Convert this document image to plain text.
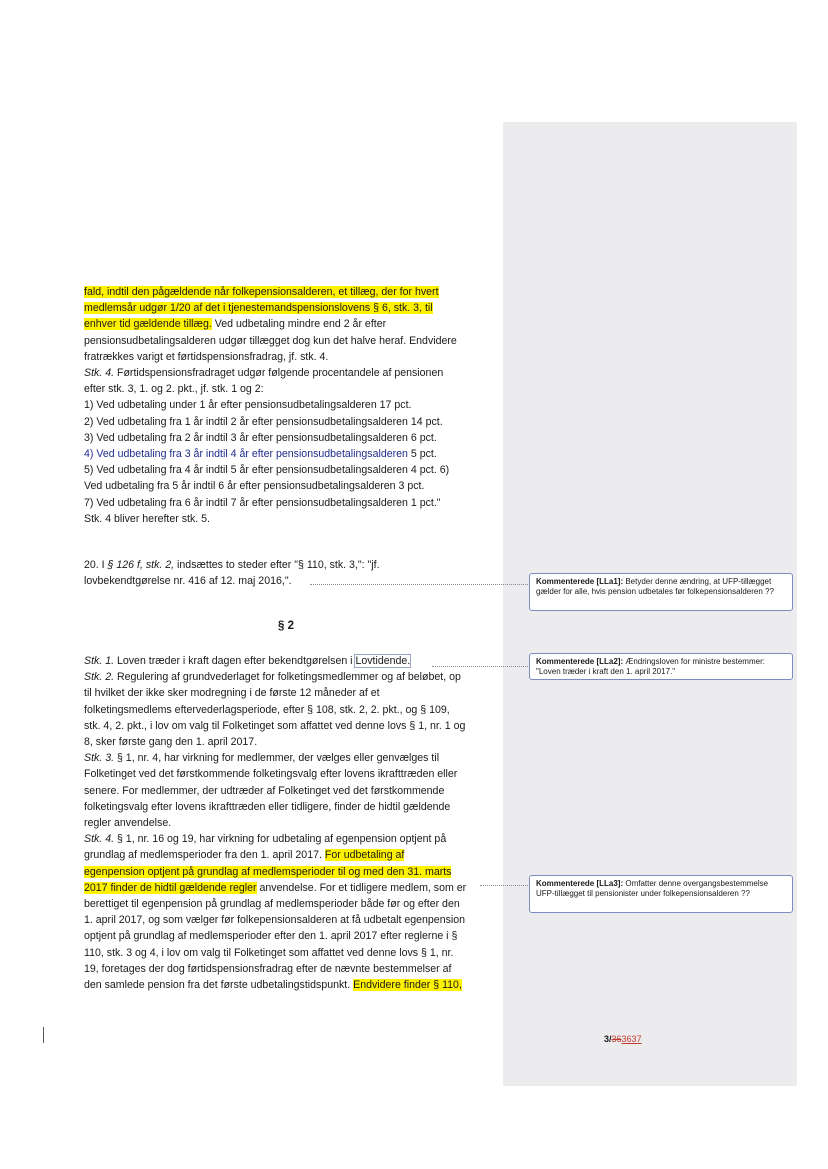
fald, indtil den pågældende når folkepensionsalderen, et tillæg, der for hvert
medlemsår udgør 1/20 af det i tjenestemandspensionslovens § 6, stk. 3, til
enhver tid gældende tillæg. Ved udbetaling mindre end 2 år efter
pensionsudbetalingsalderen udgør tillægget dog kun det halve heraf. Endvidere
fratrækkes varigt et førtidspensionsfradrag, jf. stk. 4.
Stk. 4. Førtidspensionsfradraget udgør følgende procentandele af pensionen
efter stk. 3, 1. og 2. pkt., jf. stk. 1 og 2:
1) Ved udbetaling under 1 år efter pensionsudbetalingsalderen 17 pct.
2) Ved udbetaling fra 1 år indtil 2 år efter pensionsudbetalingsalderen 14 pct.
3) Ved udbetaling fra 2 år indtil 3 år efter pensionsudbetalingsalderen 6 pct.
4) Ved udbetaling fra 3 år indtil 4 år efter pensionsudbetalingsalderen 5 pct.
5) Ved udbetaling fra 4 år indtil 5 år efter pensionsudbetalingsalderen 4 pct. 6)
Ved udbetaling fra 5 år indtil 6 år efter pensionsudbetalingsalderen 3 pct.
7) Ved udbetaling fra 6 år indtil 7 år efter pensionsudbetalingsalderen 1 pct."
Stk. 4 bliver herefter stk. 5.
20. I § 126 f, stk. 2, indsættes to steder efter "§ 110, stk. 3,": "jf.
lovbekendtgørelse nr. 416 af 12. maj 2016,".
§ 2
Stk. 1. Loven træder i kraft dagen efter bekendtgørelsen i Lovtidende.
Stk. 2. Regulering af grundvederlaget for folketingsmedlemmer og af beløbet, op
til hvilket der ikke sker modregning i de første 12 måneder af et
folketingsmedlems eftervederlagsperiode, efter § 108, stk. 2, 2. pkt., og § 109,
stk. 4, 2. pkt., i lov om valg til Folketinget som affattet ved denne lovs § 1, nr. 1 og
8, sker første gang den 1. april 2017.
Stk. 3. § 1, nr. 4, har virkning for medlemmer, der vælges eller genvælges til
Folketinget ved det førstkommende folketingsvalg efter lovens ikrafttræden eller
senere. For medlemmer, der udtræder af Folketinget ved det førstkommende
folketingsvalg efter lovens ikrafttræden eller tidligere, finder de hidtil gældende
regler anvendelse.
Stk. 4. § 1, nr. 16 og 19, har virkning for udbetaling af egenpension optjent på
grundlag af medlemsperioder fra den 1. april 2017. For udbetaling af
egenpension optjent på grundlag af medlemsperioder til og med den 31. marts
2017 finder de hidtil gældende regler anvendelse. For et tidligere medlem, som er
berettiget til egenpension på grundlag af medlemsperioder både før og efter den
1. april 2017, og som vælger før folkepensionsalderen at få udbetalt egenpension
optjent på grundlag af medlemsperioder efter den 1. april 2017 efter reglerne i §
110, stk. 3 og 4, i lov om valg til Folketinget som affattet ved denne lovs § 1, nr.
19, foretages der dog førtidspensionsfradrag efter de nævnte bestemmelser af
den samlede pension fra det første udbetalingstidspunkt. Endvidere finder § 110,
Kommenterede [LLa1]: Betyder denne ændring, at UFP-tillægget gælder for alle, hvis pension udbetales før folkepensionsalderen ??
Kommenterede [LLa2]: Ændringsloven for ministre bestemmer: "Loven træder i kraft den 1. april 2017."
Kommenterede [LLa3]: Omfatter denne overgangsbestemmelse UFP-tillægget til pensionister under folkepensionsalderen ??
3/363637
